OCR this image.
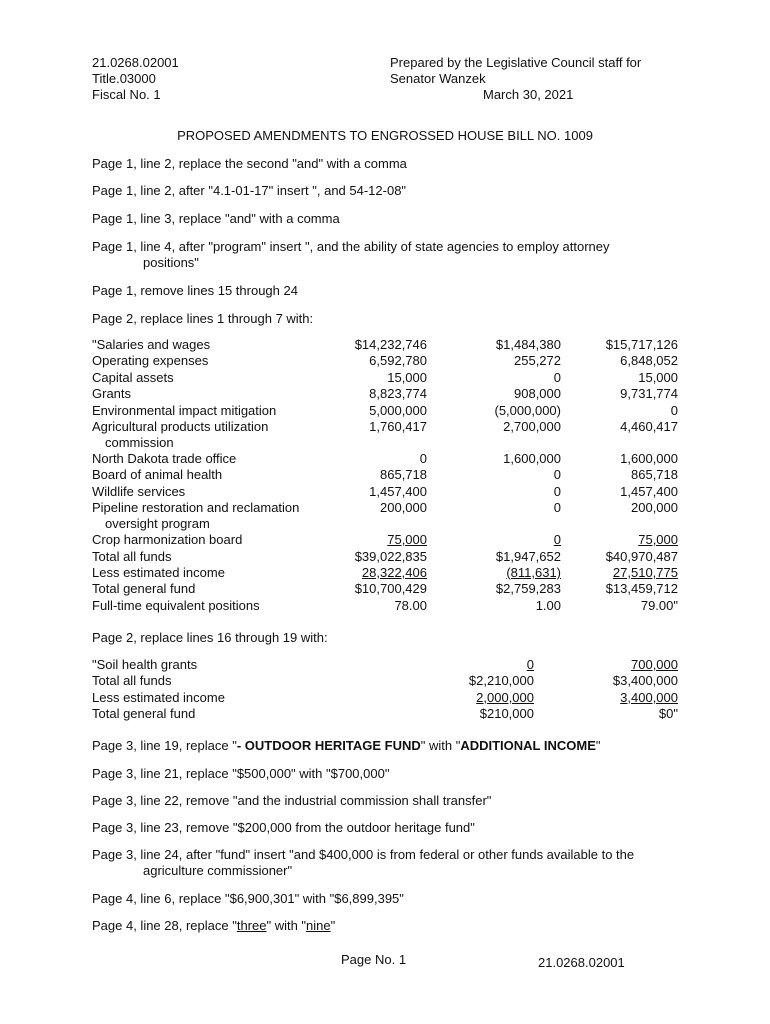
21.0268.02001
Title.03000
Fiscal No. 1
Prepared by the Legislative Council staff for
Senator Wanzek
March 30, 2021
PROPOSED AMENDMENTS TO ENGROSSED HOUSE BILL NO. 1009
Page 1, line 2, replace the second "and" with a comma
Page 1, line 2, after "4.1-01-17" insert ", and 54-12-08"
Page 1, line 3, replace "and" with a comma
Page 1, line 4, after "program" insert ", and the ability of state agencies to employ attorney
positions"
Page 1, remove lines 15 through 24
Page 2, replace lines 1 through 7 with:
"Salaries and wages	$14,232,746	$1,484,380	$15,717,126
Operating expenses	6,592,780	255,272	6,848,052
Capital assets	15,000	0	15,000
Grants	8,823,774	908,000	9,731,774
Environmental impact mitigation	5,000,000	(5,000,000)	0
Agricultural products utilization
commission	1,760,417	2,700,000	4,460,417
North Dakota trade office	0	1,600,000	1,600,000
Board of animal health	865,718	0	865,718
Wildlife services	1,457,400	0	1,457,400
Pipeline restoration and reclamation
oversight program	200,000	0	200,000
Crop harmonization board	75,000	0	75,000
Total all funds	$39,022,835	$1,947,652	$40,970,487
Less estimated income	28,322,406	(811,631)	27,510,775
Total general fund	$10,700,429	$2,759,283	$13,459,712
Full-time equivalent positions	78.00	1.00	79.00"
Page 2, replace lines 16 through 19 with:
"Soil health grants		0	700,000
Total all funds		$2,210,000	$3,400,000
Less estimated income		2,000,000	3,400,000
Total general fund		$210,000	$0"
Page 3, line 19, replace "- OUTDOOR HERITAGE FUND" with "ADDITIONAL INCOME"
Page 3, line 21, replace "$500,000" with "$700,000"
Page 3, line 22, remove "and the industrial commission shall transfer"
Page 3, line 23, remove "$200,000 from the outdoor heritage fund"
Page 3, line 24, after "fund" insert "and $400,000 is from federal or other funds available to the
agriculture commissioner"
Page 4, line 6, replace "$6,900,301" with "$6,899,395"
Page 4, line 28, replace "three" with "nine"
Page No. 1	21.0268.02001
